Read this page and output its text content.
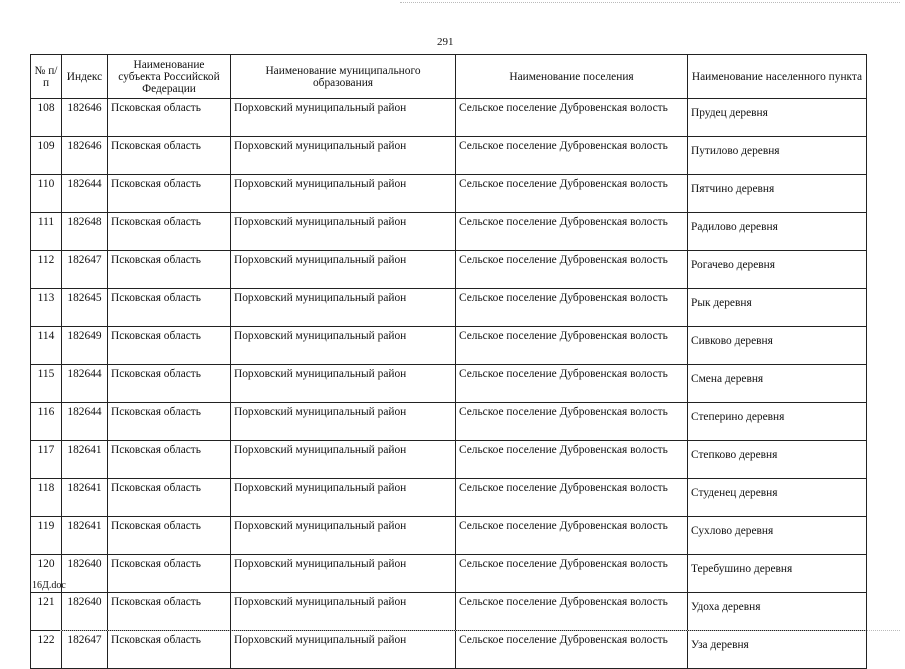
291
№ п/п	Индекс	Наименование субъекта Российской Федерации	Наименование муниципального образования	Наименование поселения	Наименование населенного пункта
108	182646	Псковская область	Порховский муниципальный район	Сельское поселение Дубровенская волость	Прудец деревня
109	182646	Псковская область	Порховский муниципальный район	Сельское поселение Дубровенская волость	Путилово деревня
110	182644	Псковская область	Порховский муниципальный район	Сельское поселение Дубровенская волость	Пятчино деревня
111	182648	Псковская область	Порховский муниципальный район	Сельское поселение Дубровенская волость	Радилово деревня
112	182647	Псковская область	Порховский муниципальный район	Сельское поселение Дубровенская волость	Рогачево деревня
113	182645	Псковская область	Порховский муниципальный район	Сельское поселение Дубровенская волость	Рык деревня
114	182649	Псковская область	Порховский муниципальный район	Сельское поселение Дубровенская волость	Сивково деревня
115	182644	Псковская область	Порховский муниципальный район	Сельское поселение Дубровенская волость	Смена деревня
116	182644	Псковская область	Порховский муниципальный район	Сельское поселение Дубровенская волость	Степерино деревня
117	182641	Псковская область	Порховский муниципальный район	Сельское поселение Дубровенская волость	Степково деревня
118	182641	Псковская область	Порховский муниципальный район	Сельское поселение Дубровенская волость	Студенец деревня
119	182641	Псковская область	Порховский муниципальный район	Сельское поселение Дубровенская волость	Сухлово деревня
120	182640	Псковская область	Порховский муниципальный район	Сельское поселение Дубровенская волость	Теребушино деревня
121	182640	Псковская область	Порховский муниципальный район	Сельское поселение Дубровенская волость	Удоха деревня
122	182647	Псковская область	Порховский муниципальный район	Сельское поселение Дубровенская волость	Уза деревня
16Д.doc
